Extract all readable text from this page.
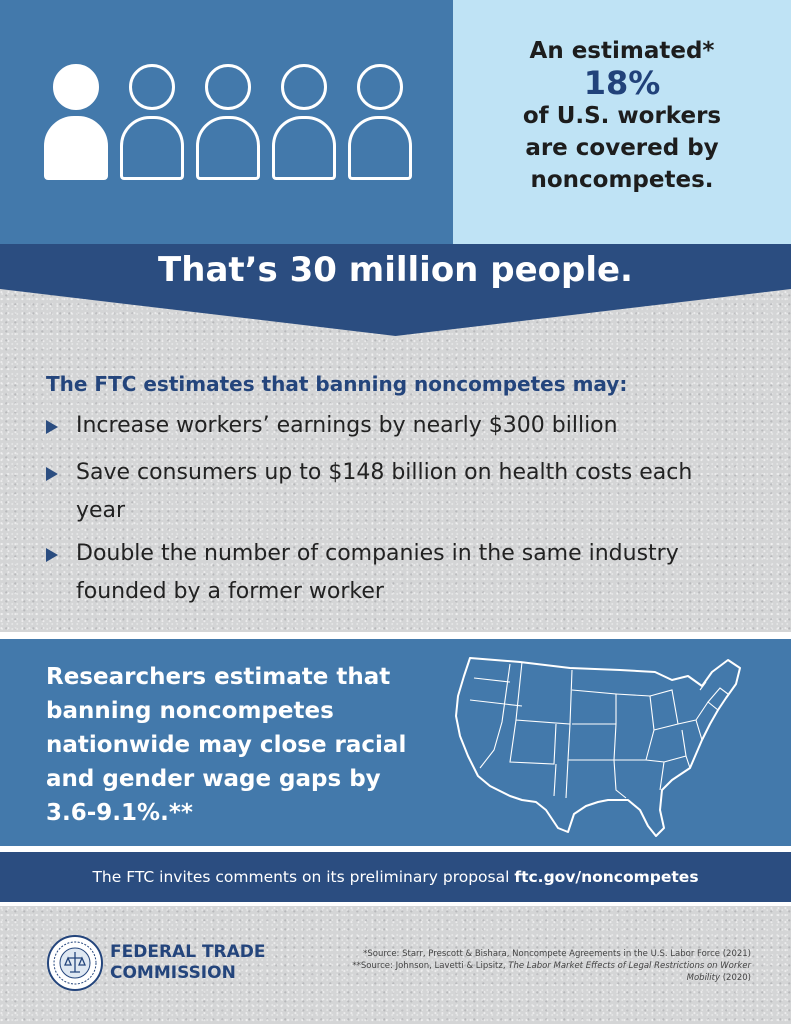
An estimated*
18%
of U.S. workers
are covered by
noncompetes.
That’s 30 million people.
The FTC estimates that banning noncompetes may:
Increase workers’ earnings by nearly $300 billion
Save consumers up to $148 billion on health costs each year
Double the number of companies in the same industry founded by a former worker
Researchers estimate that banning noncompetes nationwide may close racial and gender wage gaps by 3.6-9.1%.**
The FTC invites comments on its preliminary proposal ftc.gov/noncompetes
FEDERAL TRADE
COMMISSION
*Source: Starr, Prescott & Bishara, Noncompete Agreements in the U.S. Labor Force (2021)
**Source: Johnson, Lavetti & Lipsitz, The Labor Market Effects of Legal Restrictions on Worker Mobility (2020)
